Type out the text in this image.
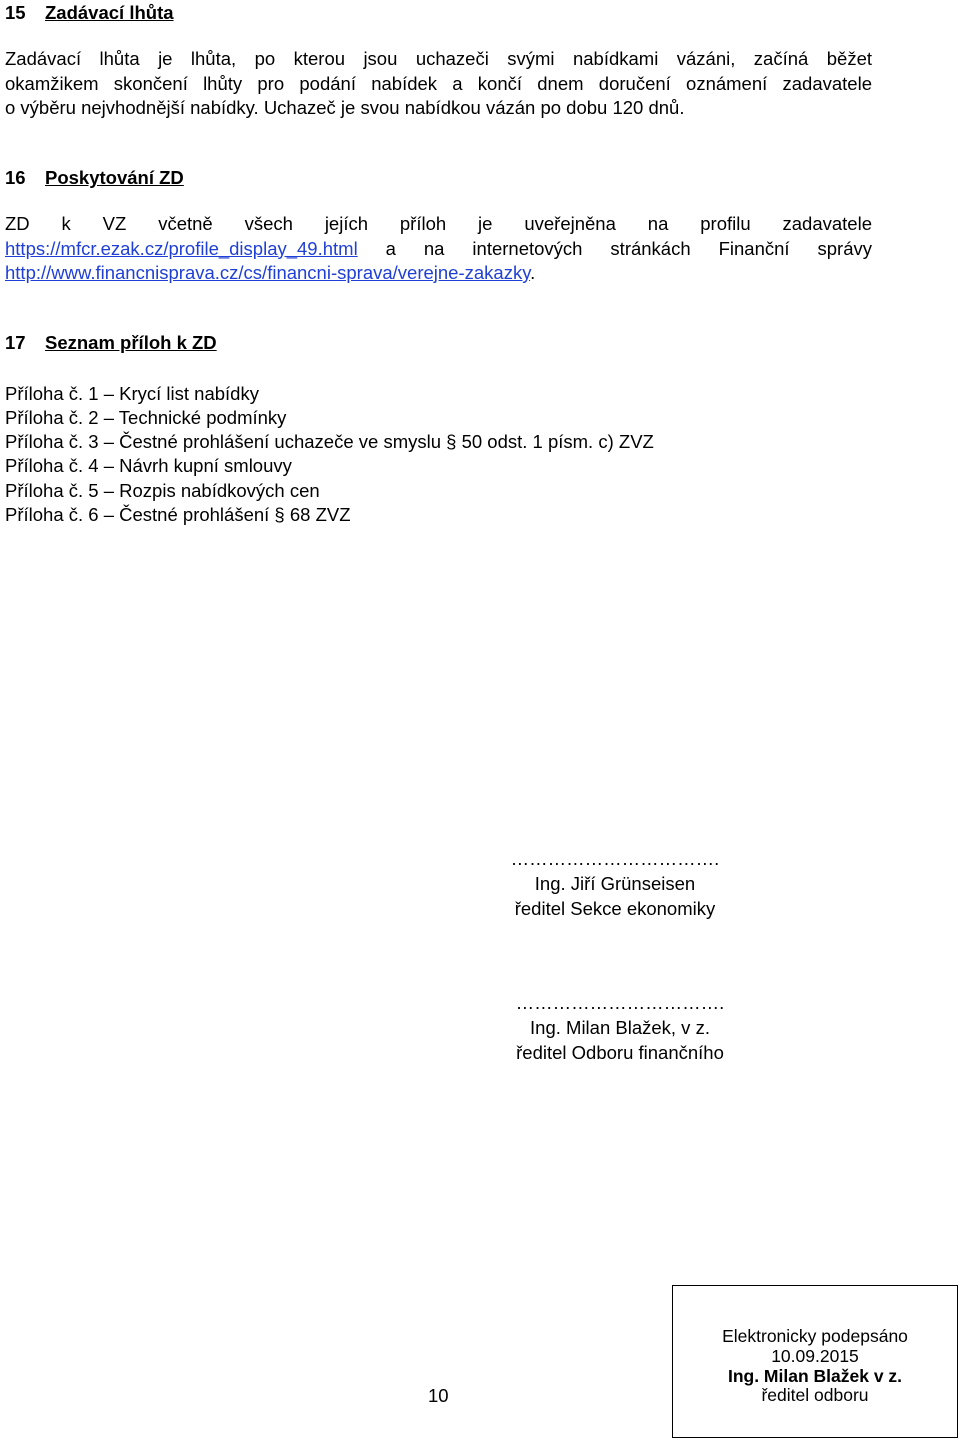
15 Zadávací lhůta
Zadávací lhůta je lhůta, po kterou jsou uchazeči svými nabídkami vázáni, začíná běžet
okamžikem skončení lhůty pro podání nabídek a končí dnem doručení oznámení zadavatele
o výběru nejvhodnější nabídky. Uchazeč je svou nabídkou vázán po dobu 120 dnů.
16 Poskytování ZD
ZD k VZ včetně všech jejích příloh je uveřejněna na profilu zadavatele
https://mfcr.ezak.cz/profile_display_49.html a na internetových stránkách Finanční správy
http://www.financnisprava.cz/cs/financni-sprava/verejne-zakazky.
17 Seznam příloh k ZD
Příloha č. 1 – Krycí list nabídky
Příloha č. 2 – Technické podmínky
Příloha č. 3 – Čestné prohlášení uchazeče ve smyslu § 50 odst. 1 písm. c) ZVZ
Příloha č. 4 – Návrh kupní smlouvy
Příloha č. 5 – Rozpis nabídkových cen
Příloha č. 6 – Čestné prohlášení § 68 ZVZ
…………………………….
Ing. Jiří Grünseisen
ředitel Sekce ekonomiky
…………………………….
Ing. Milan Blažek, v z.
ředitel Odboru finančního
10
Elektronicky podepsáno
10.09.2015
Ing. Milan Blažek v z.
ředitel odboru
